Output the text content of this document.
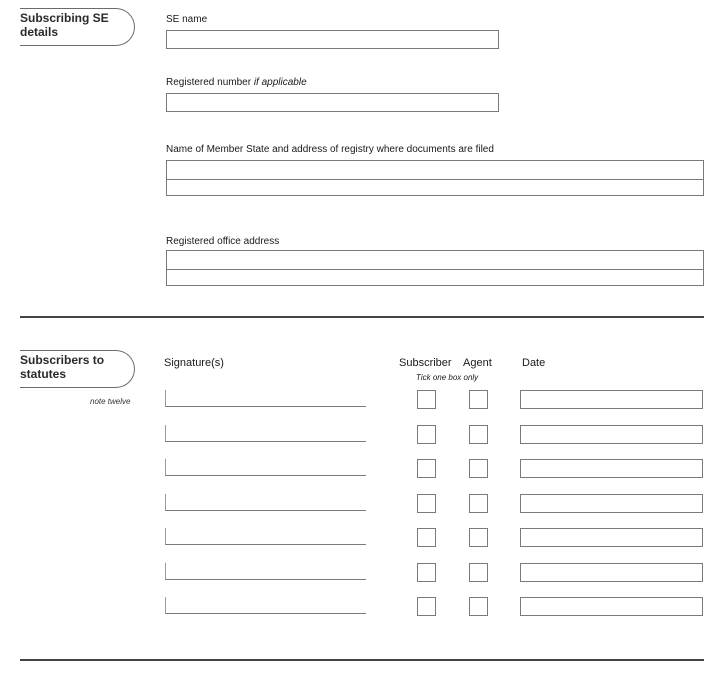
Subscribing SE
details
SE name
Registered number if applicable
Name of Member State and address of registry where documents are filed
Registered office address
Subscribers to
statutes
note twelve
Signature(s)	Subscriber Agent	Date
Tick one box only
